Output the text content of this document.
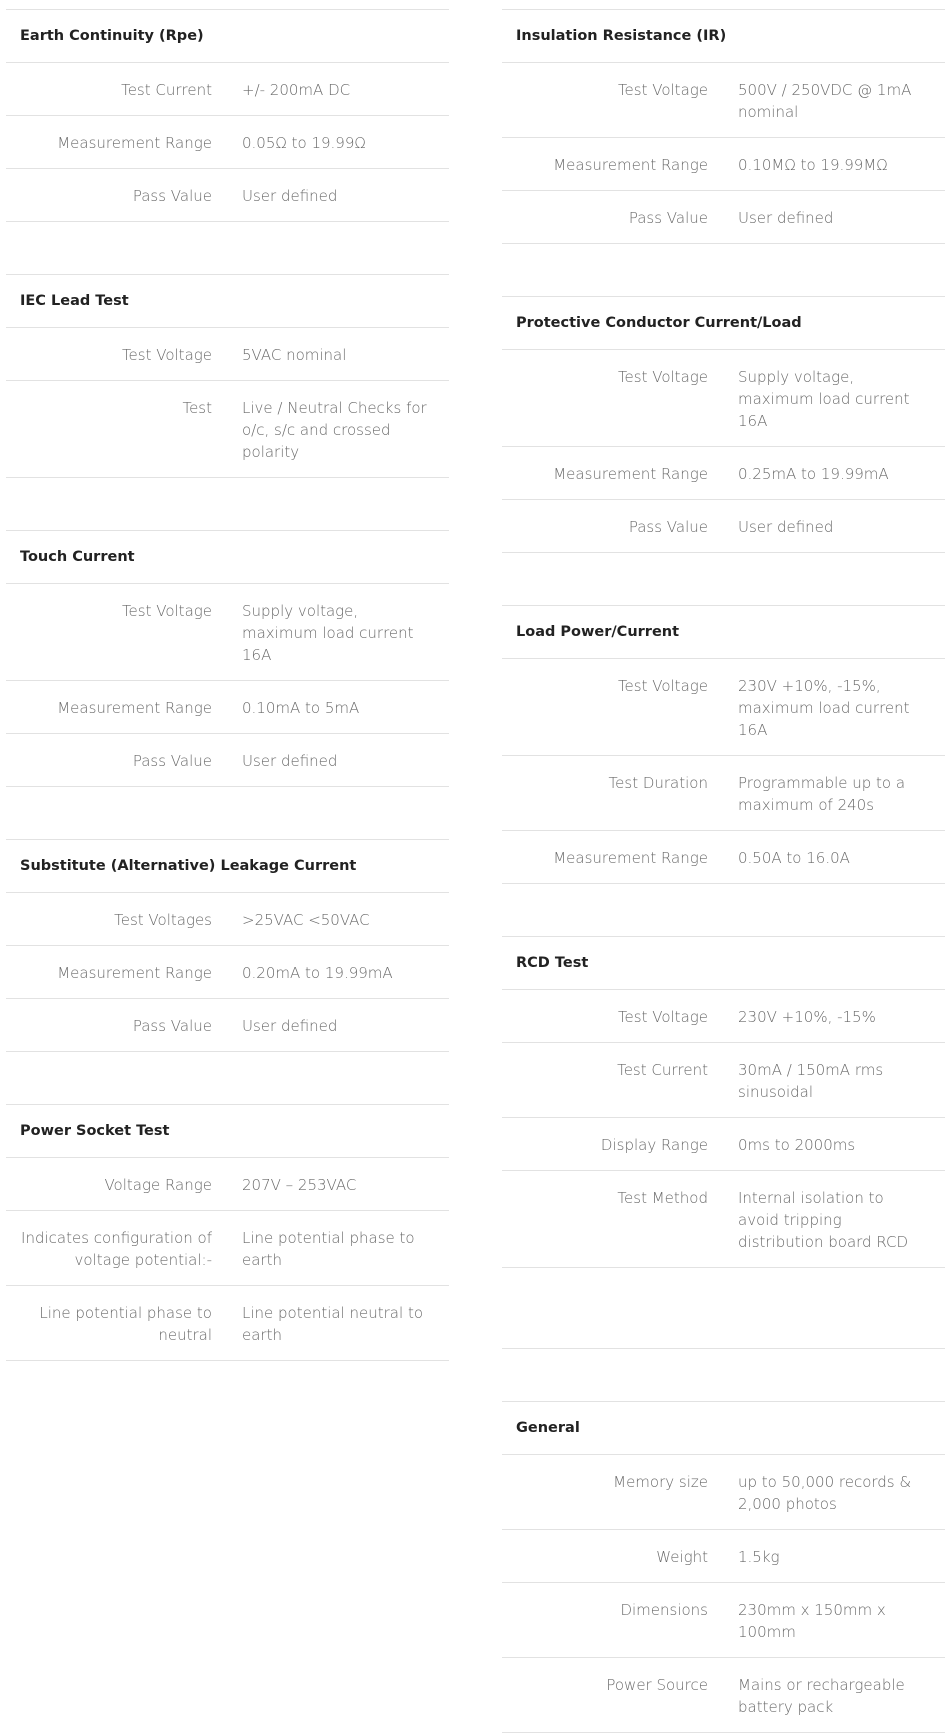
Earth Continuity (Rpe)	
Test Current	+/- 200mA DC
Measurement Range	0.05Ω to 19.99Ω
Pass Value	User defined

IEC Lead Test	
Test Voltage	5VAC nominal
Test	Live / Neutral Checks for o/c, s/c and crossed polarity

Touch Current	
Test Voltage	Supply voltage, maximum load current 16A
Measurement Range	0.10mA to 5mA
Pass Value	User defined

Substitute (Alternative) Leakage Current	
Test Voltages	>25VAC <50VAC
Measurement Range	0.20mA to 19.99mA
Pass Value	User defined

Power Socket Test	
Voltage Range	207V – 253VAC
Indicates configuration of voltage potential:-	Line potential phase to earth
Line potential phase to neutral	Line potential neutral to earth
Insulation Resistance (IR)	
Test Voltage	500V / 250VDC @ 1mA nominal
Measurement Range	0.10MΩ to 19.99MΩ
Pass Value	User defined

Protective Conductor Current/Load	
Test Voltage	Supply voltage, maximum load current 16A
Measurement Range	0.25mA to 19.99mA
Pass Value	User defined

Load Power/Current	
Test Voltage	230V +10%, -15%, maximum load current 16A
Test Duration	Programmable up to a maximum of 240s
Measurement Range	0.50A to 16.0A

RCD Test	
Test Voltage	230V +10%, -15%
Test Current	30mA / 150mA rms sinusoidal
Display Range	0ms to 2000ms
Test Method	Internal isolation to avoid tripping distribution board RCD

General	
Memory size	up to 50,000 records & 2,000 photos
Weight	1.5kg
Dimensions	230mm x 150mm x 100mm
Power Source	Mains or rechargeable battery pack
